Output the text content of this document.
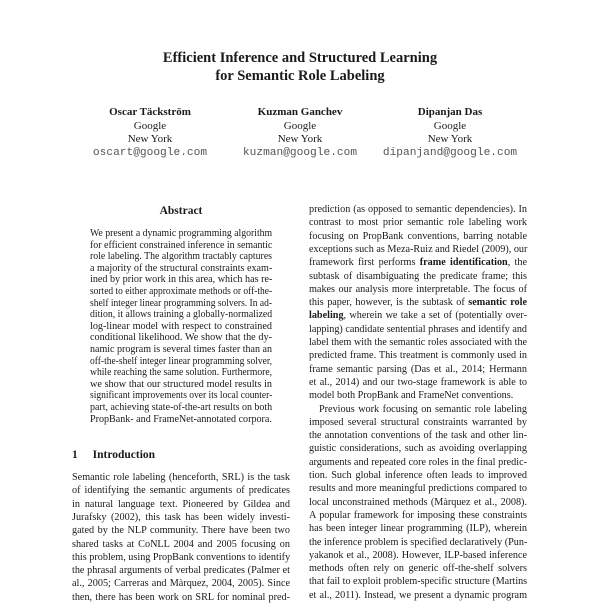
Efficient Inference and Structured Learning
for Semantic Role Labeling
Oscar Täckström
Google
New York
oscart@google.com
Kuzman Ganchev
Google
New York
kuzman@google.com
Dipanjan Das
Google
New York
dipanjand@google.com
Abstract
We present a dynamic programming algorithm
for efficient constrained inference in semantic
role labeling. The algorithm tractably captures
a majority of the structural constraints exam-
ined by prior work in this area, which has re-
sorted to either approximate methods or off-the-
shelf integer linear programming solvers. In ad-
dition, it allows training a globally-normalized
log-linear model with respect to constrained
conditional likelihood. We show that the dy-
namic program is several times faster than an
off-the-shelf integer linear programming solver,
while reaching the same solution. Furthermore,
we show that our structured model results in
significant improvements over its local counter-
part, achieving state-of-the-art results on both
PropBank- and FrameNet-annotated corpora.
1 Introduction
Semantic role labeling (henceforth, SRL) is the task
of identifying the semantic arguments of predicates
in natural language text. Pioneered by Gildea and
Jurafsky (2002), this task has been widely investi-
gated by the NLP community. There have been two
shared tasks at CoNLL 2004 and 2005 focusing on
this problem, using PropBank conventions to identify
the phrasal arguments of verbal predicates (Palmer et
al., 2005; Carreras and Màrquez, 2004, 2005). Since
then, there has been work on SRL for nominal pred-
prediction (as opposed to semantic dependencies). In
contrast to most prior semantic role labeling work
focusing on PropBank conventions, barring notable
exceptions such as Meza-Ruiz and Riedel (2009), our
framework first performs frame identification, the
subtask of disambiguating the predicate frame; this
makes our analysis more interpretable. The focus of
this paper, however, is the subtask of semantic role
labeling, wherein we take a set of (potentially over-
lapping) candidate sentential phrases and identify and
label them with the semantic roles associated with the
predicted frame. This treatment is commonly used in
frame semantic parsing (Das et al., 2014; Hermann
et al., 2014) and our two-stage framework is able to
model both PropBank and FrameNet conventions.
Previous work focusing on semantic role labeling
imposed several structural constraints warranted by
the annotation conventions of the task and other lin-
guistic considerations, such as avoiding overlapping
arguments and repeated core roles in the final predic-
tion. Such global inference often leads to improved
results and more meaningful predictions compared to
local unconstrained methods (Màrquez et al., 2008).
A popular framework for imposing these constraints
has been integer linear programming (ILP), wherein
the inference problem is specified declaratively (Pun-
yakanok et al., 2008). However, ILP-based inference
methods often rely on generic off-the-shelf solvers
that fail to exploit problem-specific structure (Martins
et al., 2011). Instead, we present a dynamic program
